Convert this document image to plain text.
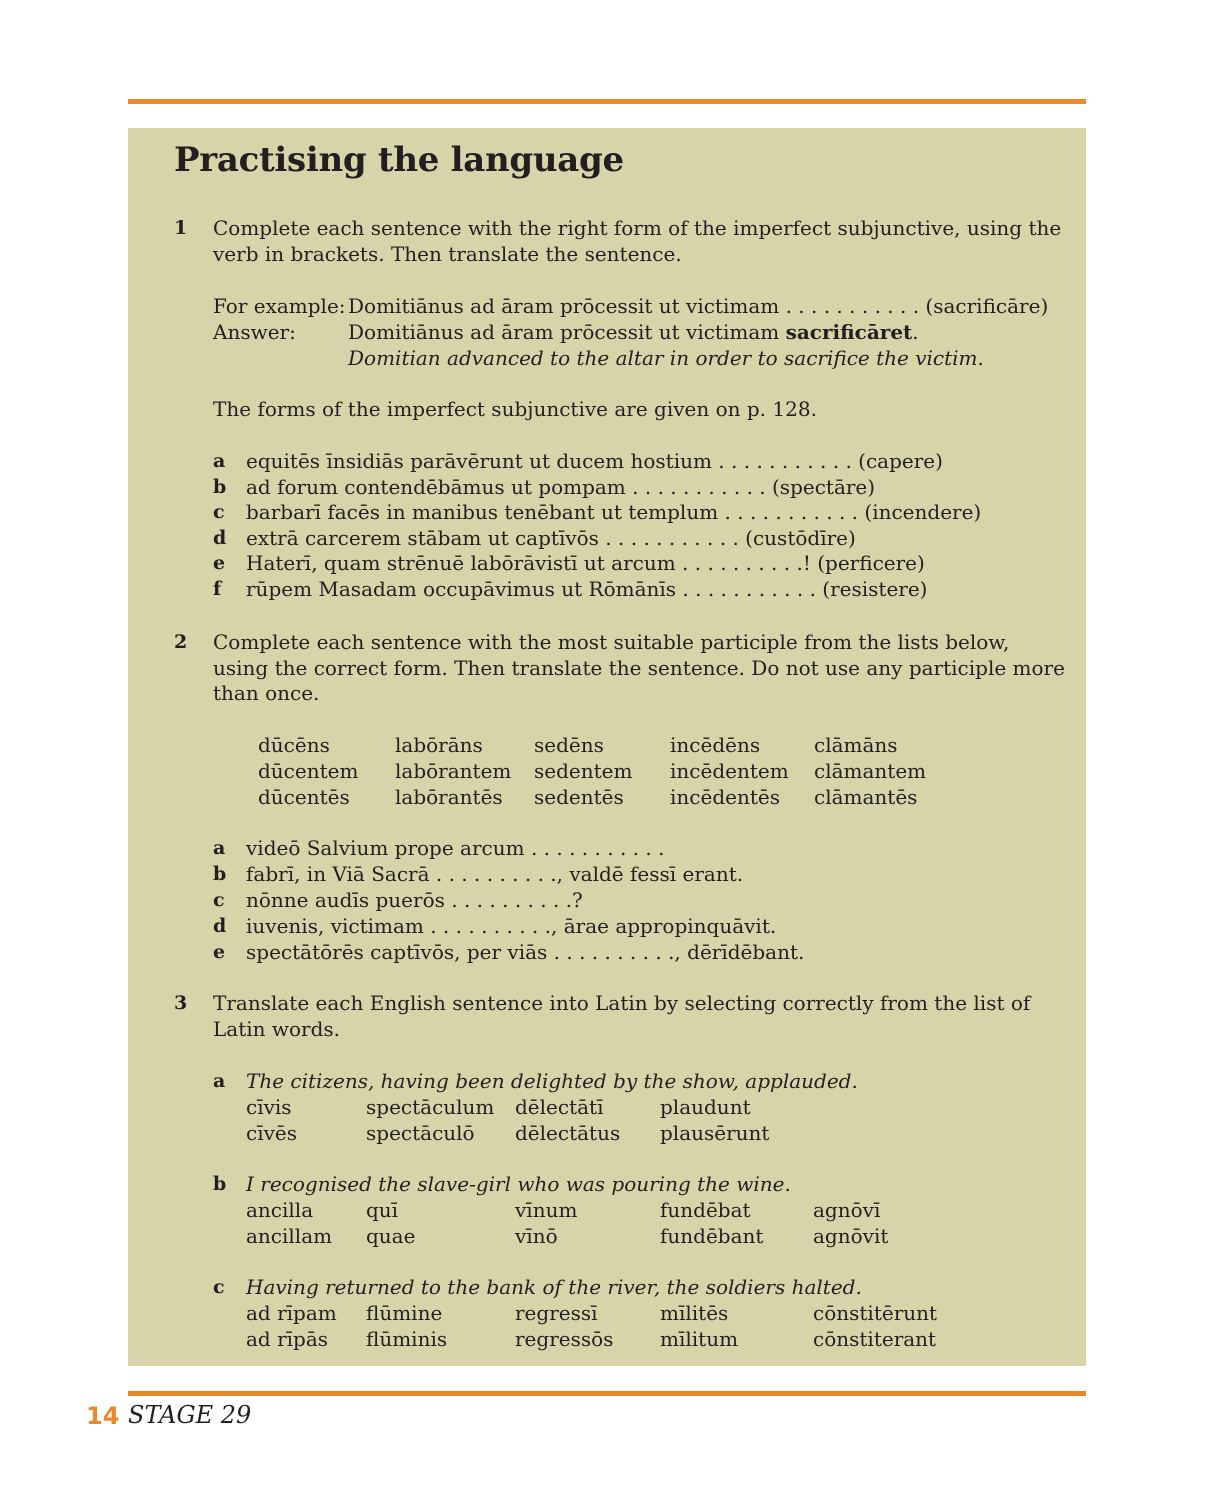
Practising the language
1 Complete each sentence with the right form of the imperfect subjunctive, using the
verb in brackets. Then translate the sentence.
For example: Domitiānus ad āram prōcessit ut victimam . . . . . . . . . . . (sacrificāre)
Answer:	Domitiānus ad āram prōcessit ut victimam sacrificāret.
Domitian advanced to the altar in order to sacrifice the victim.
The forms of the imperfect subjunctive are given on p. 128.
a equitēs īnsidiās parāvērunt ut ducem hostium . . . . . . . . . . . (capere)
b ad forum contendēbāmus ut pompam . . . . . . . . . . . (spectāre)
c barbarī facēs in manibus tenēbant ut templum . . . . . . . . . . . (incendere)
d extrā carcerem stābam ut captīvōs . . . . . . . . . . . (custōdīre)
e Haterī, quam strēnuē labōrāvistī ut arcum . . . . . . . . . .! (perficere)
f rūpem Masadam occupāvimus ut Rōmānīs . . . . . . . . . . . (resistere)
2 Complete each sentence with the most suitable participle from the lists below,
using the correct form. Then translate the sentence. Do not use any participle more
than once.
dūcēns	labōrāns	sedēns	incēdēns	clāmāns
dūcentem labōrantem sedentem incēdentem clāmantem
dūcentēs labōrantēs sedentēs incēdentēs clāmantēs
a videō Salvium prope arcum . . . . . . . . . . .
b fabrī, in Viā Sacrā . . . . . . . . . ., valdē fessī erant.
c nōnne audīs puerōs . . . . . . . . . .?
d iuvenis, victimam . . . . . . . . . ., ārae appropinquāvit.
e spectātōrēs captīvōs, per viās . . . . . . . . . ., dērīdēbant.
3 Translate each English sentence into Latin by selecting correctly from the list of
Latin words.
a The citizens, having been delighted by the show, applauded.
cīvis	spectāculum dēlectātī	plaudunt
cīvēs	spectāculō dēlectātus plausērunt
b I recognised the slave-girl who was pouring the wine.
ancilla	quī	vīnum	fundēbat	agnōvī
ancillam quae	vīnō	fundēbant agnōvit
c Having returned to the bank of the river, the soldiers halted.
ad rīpam flūmine	regressī	mīlitēs	cōnstitērunt
ad rīpās flūminis	regressōs mīlitum	cōnstiterant
14 STAGE 29
